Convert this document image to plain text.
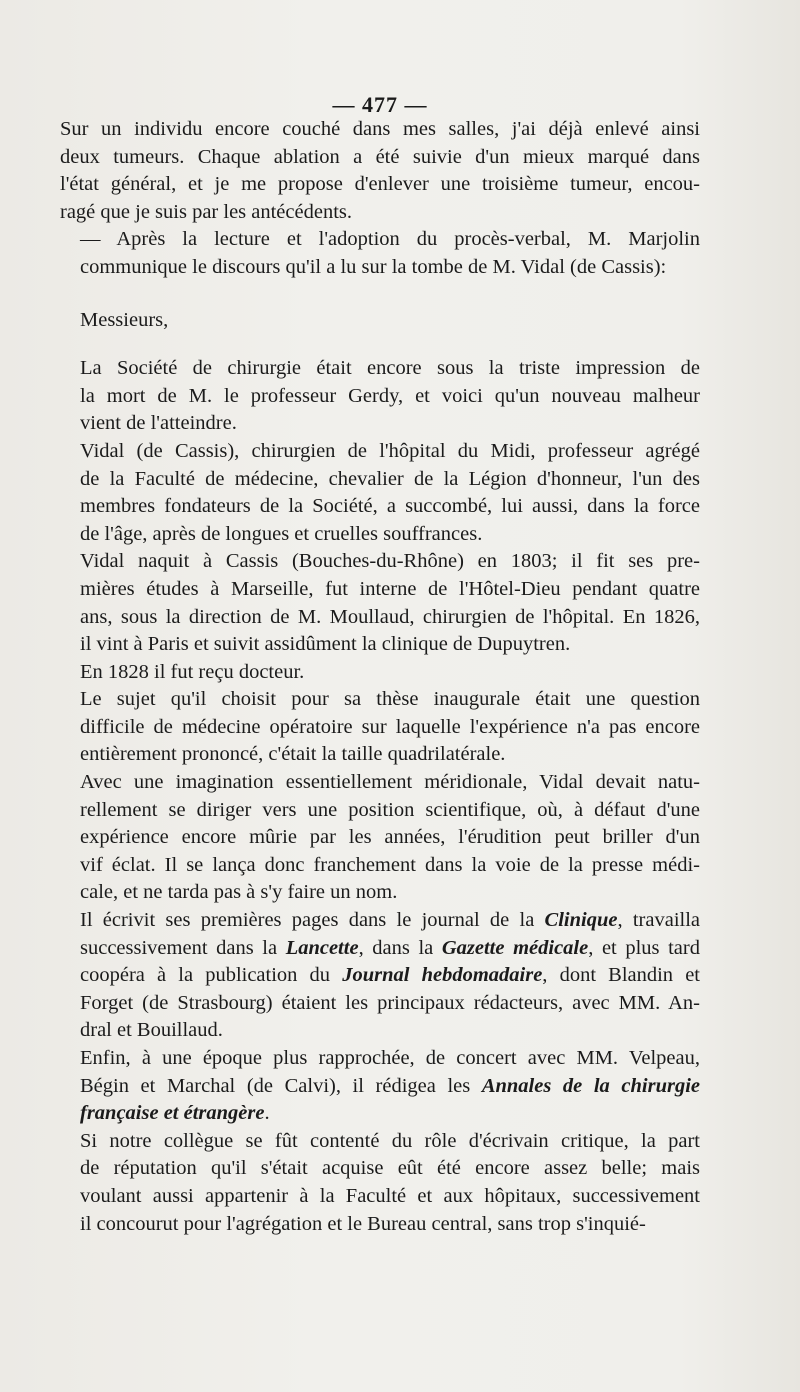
— 477 —
Sur un individu encore couché dans mes salles, j'ai déjà enlevé ainsi
deux tumeurs. Chaque ablation a été suivie d'un mieux marqué dans
l'état général, et je me propose d'enlever une troisième tumeur, encou-
ragé que je suis par les antécédents.
— Après la lecture et l'adoption du procès-verbal, M. Marjolin
communique le discours qu'il a lu sur la tombe de M. Vidal (de Cassis):
Messieurs,
La Société de chirurgie était encore sous la triste impression de
la mort de M. le professeur Gerdy, et voici qu'un nouveau malheur
vient de l'atteindre.
Vidal (de Cassis), chirurgien de l'hôpital du Midi, professeur agrégé
de la Faculté de médecine, chevalier de la Légion d'honneur, l'un des
membres fondateurs de la Société, a succombé, lui aussi, dans la force
de l'âge, après de longues et cruelles souffrances.
Vidal naquit à Cassis (Bouches-du-Rhône) en 1803; il fit ses pre-
mières études à Marseille, fut interne de l'Hôtel-Dieu pendant quatre
ans, sous la direction de M. Moullaud, chirurgien de l'hôpital. En 1826,
il vint à Paris et suivit assidûment la clinique de Dupuytren.
En 1828 il fut reçu docteur.
Le sujet qu'il choisit pour sa thèse inaugurale était une question
difficile de médecine opératoire sur laquelle l'expérience n'a pas encore
entièrement prononcé, c'était la taille quadrilatérale.
Avec une imagination essentiellement méridionale, Vidal devait natu-
rellement se diriger vers une position scientifique, où, à défaut d'une
expérience encore mûrie par les années, l'érudition peut briller d'un
vif éclat. Il se lança donc franchement dans la voie de la presse médi-
cale, et ne tarda pas à s'y faire un nom.
Il écrivit ses premières pages dans le journal de la Clinique, travailla
successivement dans la Lancette, dans la Gazette médicale, et plus tard
coopéra à la publication du Journal hebdomadaire, dont Blandin et
Forget (de Strasbourg) étaient les principaux rédacteurs, avec MM. An-
dral et Bouillaud.
Enfin, à une époque plus rapprochée, de concert avec MM. Velpeau,
Bégin et Marchal (de Calvi), il rédigea les Annales de la chirurgie
française et étrangère.
Si notre collègue se fût contenté du rôle d'écrivain critique, la part
de réputation qu'il s'était acquise eût été encore assez belle; mais
voulant aussi appartenir à la Faculté et aux hôpitaux, successivement
il concourut pour l'agrégation et le Bureau central, sans trop s'inquié-
